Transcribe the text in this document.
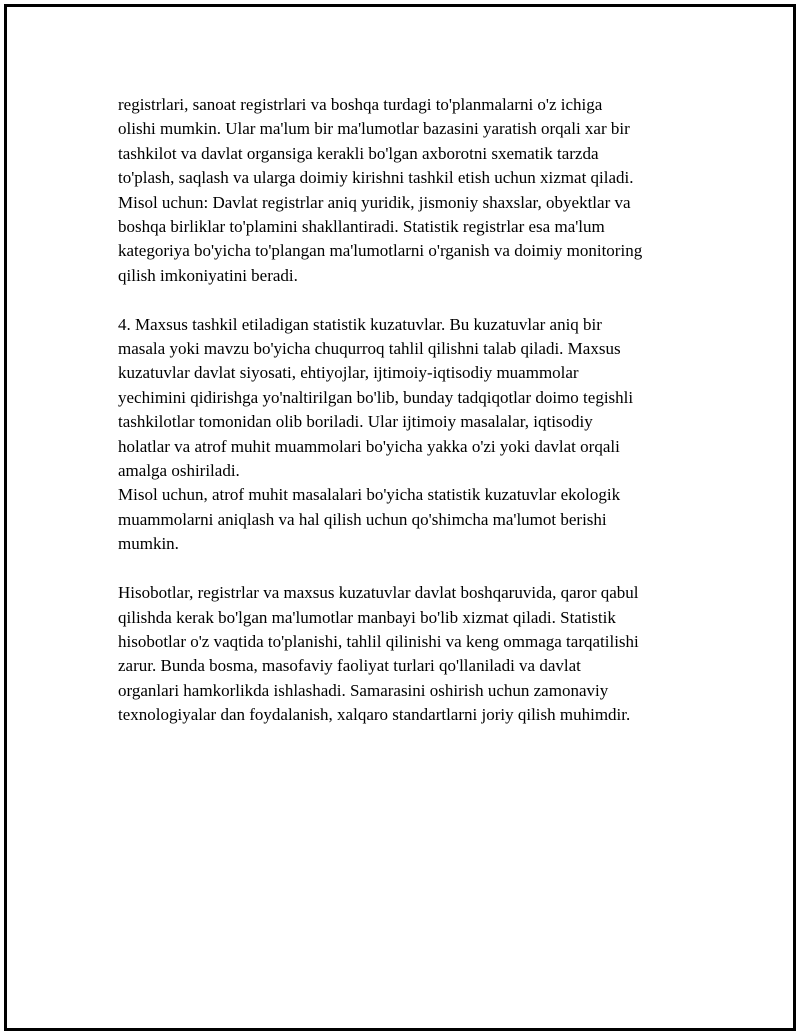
registrlari, sanoat registrlari va boshqa turdagi to'planmalarni o'z ichiga
olishi mumkin. Ular ma'lum bir ma'lumotlar bazasini yaratish orqali xar bir
tashkilot va davlat organsiga kerakli bo'lgan axborotni sxematik tarzda
to'plash, saqlash va ularga doimiy kirishni tashkil etish uchun xizmat qiladi.
Misol uchun: Davlat registrlar aniq yuridik, jismoniy shaxslar, obyektlar va
boshqa birliklar to'plamini shakllantiradi. Statistik registrlar esa ma'lum
kategoriya bo'yicha to'plangan ma'lumotlarni o'rganish va doimiy monitoring
qilish imkoniyatini beradi.
4. Maxsus tashkil etiladigan statistik kuzatuvlar. Bu kuzatuvlar aniq bir
masala yoki mavzu bo'yicha chuqurroq tahlil qilishni talab qiladi. Maxsus
kuzatuvlar davlat siyosati, ehtiyojlar, ijtimoiy-iqtisodiy muammolar
yechimini qidirishga yo'naltirilgan bo'lib, bunday tadqiqotlar doimo tegishli
tashkilotlar tomonidan olib boriladi. Ular ijtimoiy masalalar, iqtisodiy
holatlar va atrof muhit muammolari bo'yicha yakka o'zi yoki davlat orqali
amalga oshiriladi.
Misol uchun, atrof muhit masalalari bo'yicha statistik kuzatuvlar ekologik
muammolarni aniqlash va hal qilish uchun qo'shimcha ma'lumot berishi
mumkin.
Hisobotlar, registrlar va maxsus kuzatuvlar davlat boshqaruvida, qaror qabul
qilishda kerak bo'lgan ma'lumotlar manbayi bo'lib xizmat qiladi. Statistik
hisobotlar o'z vaqtida to'planishi, tahlil qilinishi va keng ommaga tarqatilishi
zarur. Bunda bosma, masofaviy faoliyat turlari qo'llaniladi va davlat
organlari hamkorlikda ishlashadi. Samarasini oshirish uchun zamonaviy
texnologiyalar dan foydalanish, xalqaro standartlarni joriy qilish muhimdir.
